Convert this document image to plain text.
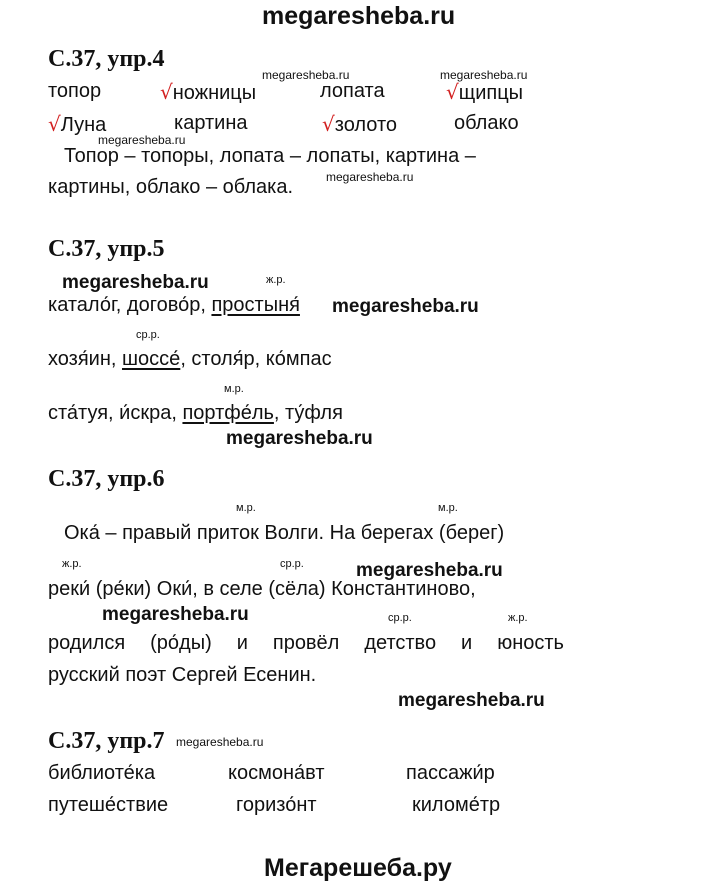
megaresheba.ru
С.37, упр.4
megaresheba.ru	megaresheba.ru
топор	√ножницы	лопата	√щипцы
√Луна	картина	√золото	облако
megaresheba.ru
Топор – топоры, лопата – лопаты, картина –
картины, облако – облака.	megaresheba.ru
С.37, упр.5
megaresheba.ru	ж.р.
катало́г, догово́р, простыня́ megaresheba.ru
ср.р.
хозя́ин, шоссе́, столя́р, ко́мпас
м.р.
ста́туя, и́скра, портфе́ль, ту́фля
megaresheba.ru
С.37, упр.6
м.р.	м.р.
Ока́ – правый приток Волги. На берегах (берег)
ж.р.	ср.р.	megaresheba.ru
реки́ (ре́ки) Оки́, в селе (сёла) Константиново,
megaresheba.ru	ср.р.	ж.р.
родился (ро́ды) и провёл детство и юность
русский поэт Сергей Есенин.
megaresheba.ru
С.37, упр.7 megaresheba.ru
библиоте́ка	космона́вт	пассажи́р
путеше́ствие	горизо́нт	киломе́тр
Мегарешеба.ру
